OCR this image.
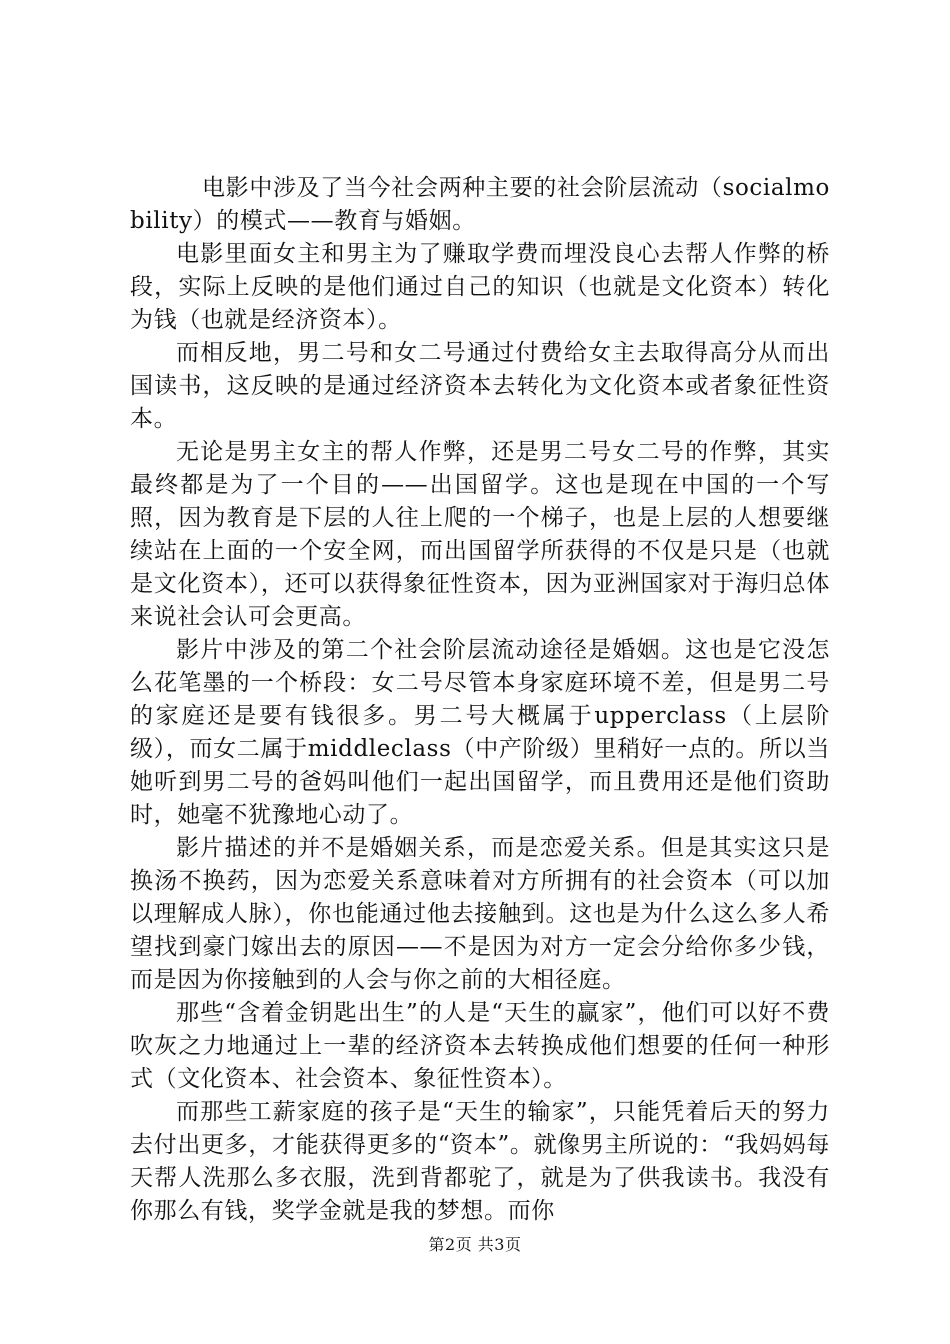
电影中涉及了当今社会两种主要的社会阶层流动（socialmobility）的模式——教育与婚姻。

电影里面女主和男主为了赚取学费而埋没良心去帮人作弊的桥段，实际上反映的是他们通过自己的知识（也就是文化资本）转化为钱（也就是经济资本）。

而相反地，男二号和女二号通过付费给女主去取得高分从而出国读书，这反映的是通过经济资本去转化为文化资本或者象征性资本。

无论是男主女主的帮人作弊，还是男二号女二号的作弊，其实最终都是为了一个目的——出国留学。这也是现在中国的一个写照，因为教育是下层的人往上爬的一个梯子，也是上层的人想要继续站在上面的一个安全网，而出国留学所获得的不仅是只是（也就是文化资本），还可以获得象征性资本，因为亚洲国家对于海归总体来说社会认可会更高。

影片中涉及的第二个社会阶层流动途径是婚姻。这也是它没怎么花笔墨的一个桥段：女二号尽管本身家庭环境不差，但是男二号的家庭还是要有钱很多。男二号大概属于upperclass（上层阶级），而女二属于middleclass（中产阶级）里稍好一点的。所以当她听到男二号的爸妈叫他们一起出国留学，而且费用还是他们资助时，她毫不犹豫地心动了。

影片描述的并不是婚姻关系，而是恋爱关系。但是其实这只是换汤不换药，因为恋爱关系意味着对方所拥有的社会资本（可以加以理解成人脉），你也能通过他去接触到。这也是为什么这么多人希望找到豪门嫁出去的原因——不是因为对方一定会分给你多少钱，而是因为你接触到的人会与你之前的大相径庭。

那些“含着金钥匙出生”的人是“天生的赢家”，他们可以好不费吹灰之力地通过上一辈的经济资本去转换成他们想要的任何一种形式（文化资本、社会资本、象征性资本）。

而那些工薪家庭的孩子是“天生的输家”，只能凭着后天的努力去付出更多，才能获得更多的“资本”。就像男主所说的：“我妈妈每天帮人洗那么多衣服，洗到背都驼了，就是为了供我读书。我没有你那么有钱，奖学金就是我的梦想。而你

第2页 共3页
